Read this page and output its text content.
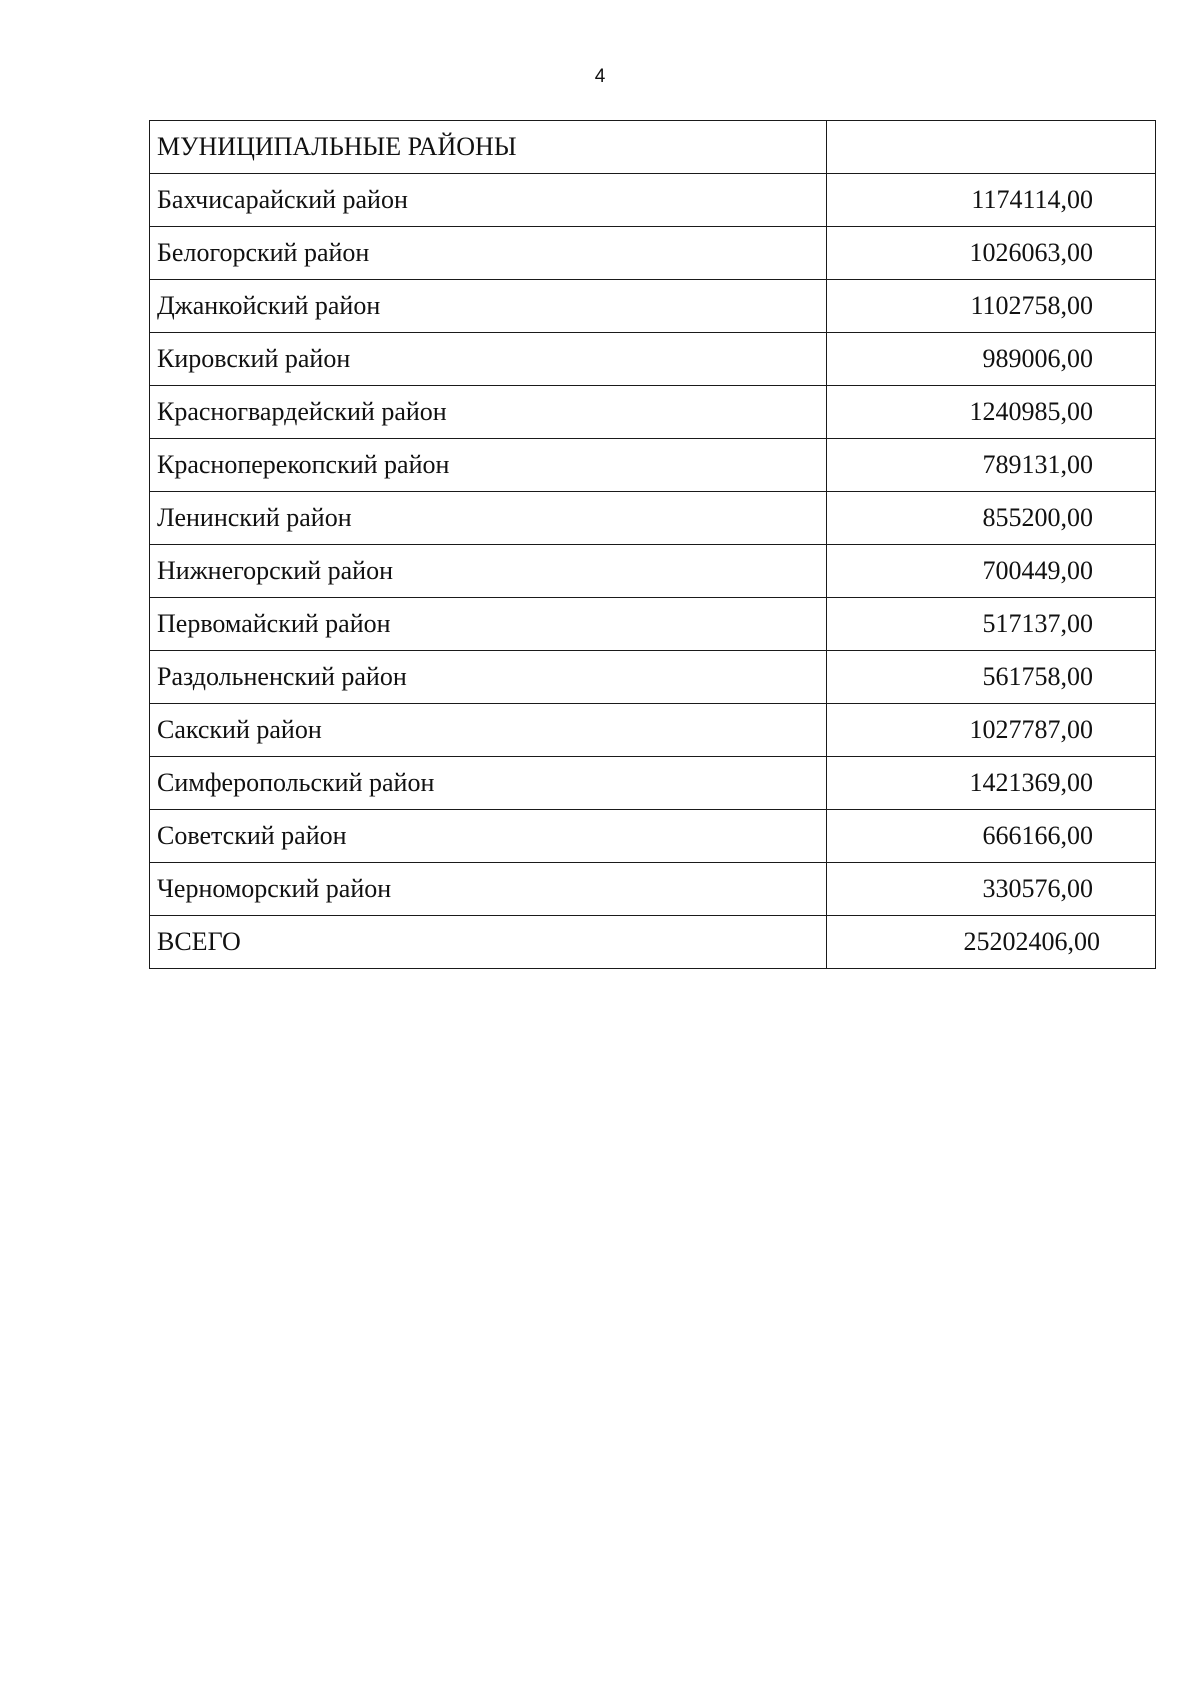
4
МУНИЦИПАЛЬНЫЕ РАЙОНЫ	
Бахчисарайский район	1174114,00
Белогорский район	1026063,00
Джанкойский район	1102758,00
Кировский район	989006,00
Красногвардейский район	1240985,00
Красноперекопский район	789131,00
Ленинский район	855200,00
Нижнегорский район	700449,00
Первомайский район	517137,00
Раздольненский район	561758,00
Сакский район	1027787,00
Симферопольский район	1421369,00
Советский район	666166,00
Черноморский район	330576,00
ВСЕГО	25202406,00
